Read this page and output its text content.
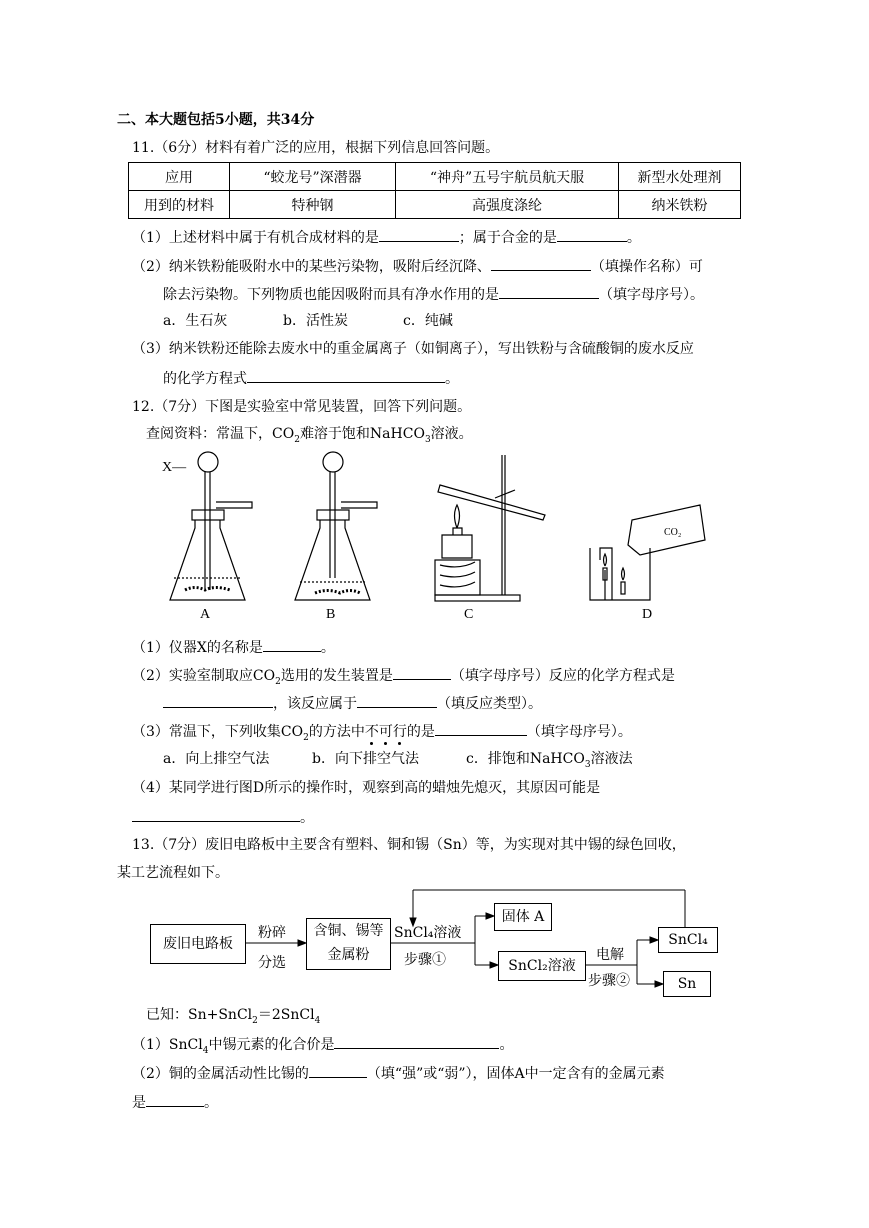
二、本大题包括5小题，共34分
11.（6分）材料有着广泛的应用，根据下列信息回答问题。
应用	“蛟龙号”深潜器	“神舟”五号宇航员航天服	新型水处理剂
用到的材料	特种钢	高强度涤纶	纳米铁粉
（1）上述材料中属于有机合成材料的是	；属于合金的是	。
（2）纳米铁粉能吸附水中的某些污染物，吸附后经沉降、	（填操作名称）可
除去污染物。下列物质也能因吸附而具有净水作用的是	（填字母序号）。
a．生石灰	b．活性炭	c．纯碱
（3）纳米铁粉还能除去废水中的重金属离子（如铜离子），写出铁粉与含硫酸铜的废水反应
的化学方程式	。
12.（7分）下图是实验室中常见装置，回答下列问题。
查阅资料：常温下，$CO_2$难溶于饱和NaHCO$_3$溶液。
X—
A	B	C	D
CO₂
（1）仪器X的名称是	。
（2）实验室制取应$CO_2$选用的发生装置是	（填字母序号）反应的化学方程式是
，该反应属于	（填反应类型）。
（3）常温下，下列收集$CO_2$的方法中不可行的是	（填字母序号）。
a．向上排空气法	b．向下排空气法	c．排饱和NaHCO$_3$溶液法
（4）某同学进行图D所示的操作时，观察到高的蜡烛先熄灭，其原因可能是
。
13.（7分）废旧电路板中主要含有塑料、铜和锡（Sn）等，为实现对其中锡的绿色回收，
某工艺流程如下。
废旧电路板
粉碎
分选
含铜、锡等
金属粉
SnCl₄溶液
步骤①
固体 A
SnCl₂溶液
电解
步骤②
SnCl₄
Sn
已知：Sn+SnCl$_2$＝2SnCl$_4$
（1）SnCl$_4$中锡元素的化合价是	。
（2）铜的金属活动性比锡的	（填“强”或“弱”），固体A中一定含有的金属元素
是	。
